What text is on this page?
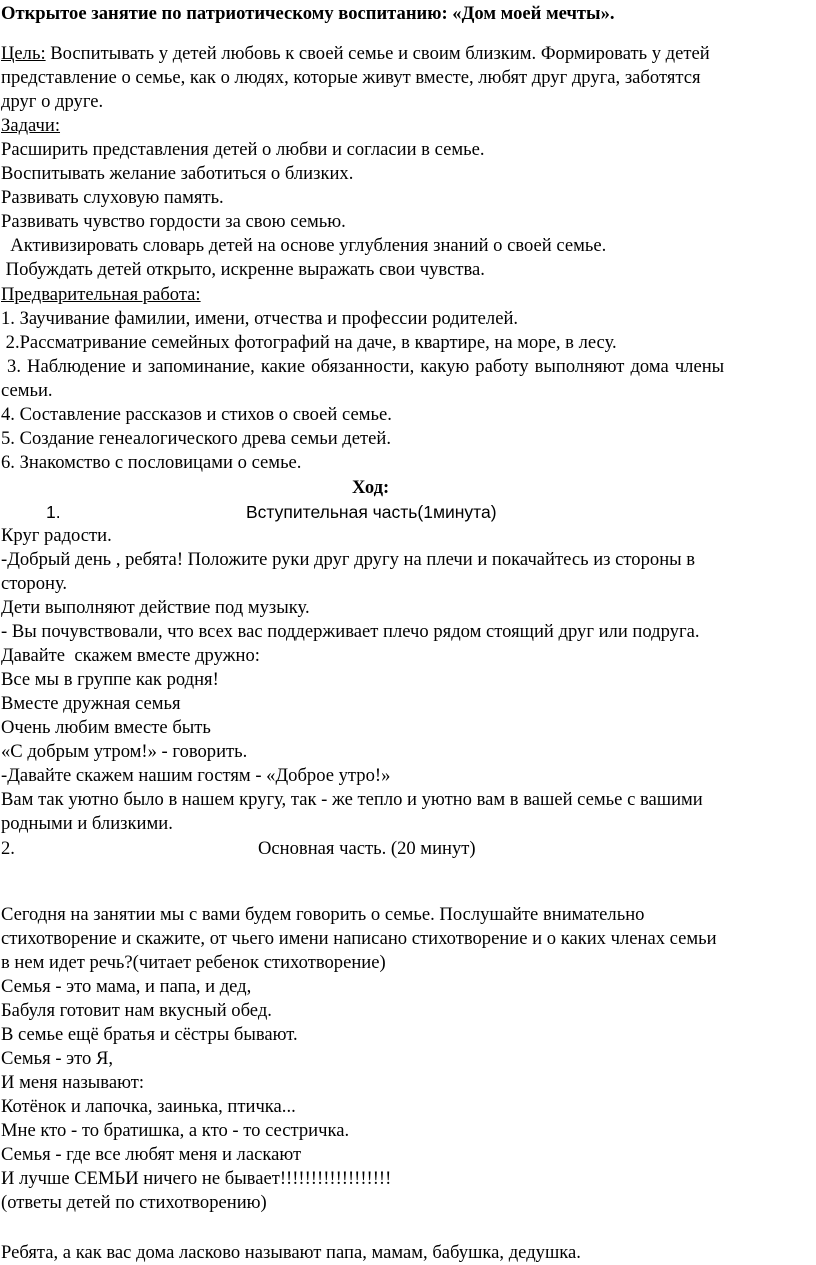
Открытое занятие по патриотическому воспитанию: «Дом моей мечты».
Цель: Воспитывать у детей любовь к своей семье и своим близким. Формировать у детей
представление о семье, как о людях, которые живут вместе, любят друг друга, заботятся
друг о друге.
Задачи:
Расширить представления детей о любви и согласии в семье.
Воспитывать желание заботиться о близких.
Развивать слуховую память.
Развивать чувство гордости за свою семью.
Активизировать словарь детей на основе углубления знаний о своей семье.
Побуждать детей открыто, искренне выражать свои чувства.
Предварительная работа:
1. Заучивание фамилии, имени, отчества и профессии родителей.
2.Рассматривание семейных фотографий на даче, в квартире, на море, в лесу.
3. Наблюдение и запоминание, какие обязанности, какую работу выполняют дома члены
семьи.
4. Составление рассказов и стихов о своей семье.
5. Создание генеалогического древа семьи детей.
6. Знакомство с пословицами о семье.
Ход:
1.	Вступительная часть(1минута)
Круг радости.
-Добрый день , ребята! Положите руки друг другу на плечи и покачайтесь из стороны в
сторону.
Дети выполняют действие под музыку.
- Вы почувствовали, что всех вас поддерживает плечо рядом стоящий друг или подруга.
Давайте  скажем вместе дружно:
Все мы в группе как родня!
Вместе дружная семья
Очень любим вместе быть
«С добрым утром!» - говорить.
-Давайте скажем нашим гостям - «Доброе утро!»
Вам так уютно было в нашем кругу, так - же тепло и уютно вам в вашей семье с вашими
родными и близкими.
2.	Основная часть. (20 минут)
Сегодня на занятии мы с вами будем говорить о семье. Послушайте внимательно
стихотворение и скажите, от чьего имени написано стихотворение и о каких членах семьи
в нем идет речь?(читает ребенок стихотворение)
Семья - это мама, и папа, и дед,
Бабуля готовит нам вкусный обед.
В семье ещё братья и сёстры бывают.
Семья - это Я,
И меня называют:
Котёнок и лапочка, заинька, птичка...
Мне кто - то братишка, а кто - то сестричка.
Семья - где все любят меня и ласкают
И лучше СЕМЬИ ничего не бывает!!!!!!!!!!!!!!!!!!
(ответы детей по стихотворению)
Ребята, а как вас дома ласково называют папа, мамам, бабушка, дедушка.
